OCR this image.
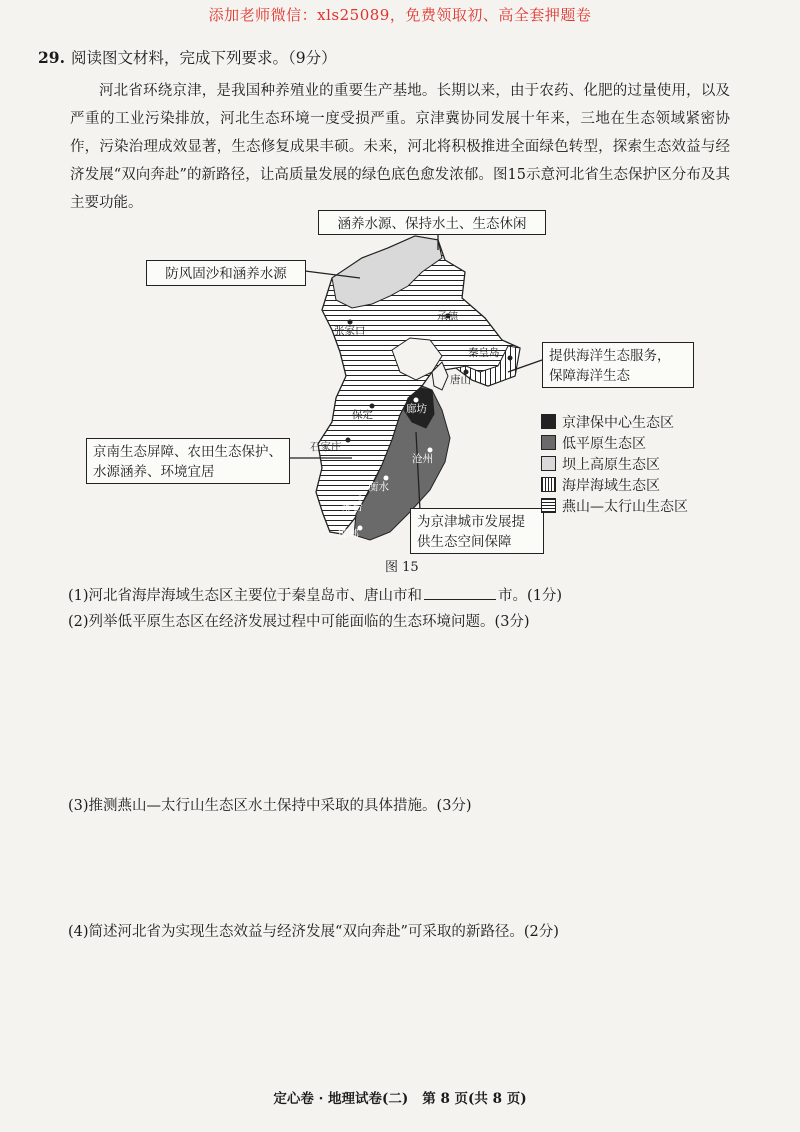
添加老师微信：xls25089，免费领取初、高全套押题卷
29. 阅读图文材料，完成下列要求。（9分）
河北省环绕京津，是我国种养殖业的重要生产基地。长期以来，由于农药、化肥的过量使用，以及严重的工业污染排放，河北生态环境一度受损严重。京津冀协同发展十年来，三地在生态领域紧密协作，污染治理成效显著，生态修复成果丰硕。未来，河北将积极推进全面绿色转型，探索生态效益与经济发展“双向奔赴”的新路径，让高质量发展的绿色底色愈发浓郁。图15示意河北省生态保护区分布及其主要功能。
张家口
承德
秦皇岛
唐山
廊坊
保定
石家庄
沧州
衡水
邢台
邯郸
涵养水源、保持水土、生态休闲
防风固沙和涵养水源
提供海洋生态服务，
保障海洋生态
京南生态屏障、农田生态保护、水源涵养、环境宜居
为京津城市发展提
供生态空间保障
京津保中心生态区
低平原生态区
坝上高原生态区
海岸海域生态区
燕山—太行山生态区
图 15
(1)河北省海岸海域生态区主要位于秦皇岛市、唐山市和	市。(1分)
(2)列举低平原生态区在经济发展过程中可能面临的生态环境问题。(3分)
(3)推测燕山—太行山生态区水土保持中采取的具体措施。(3分)
(4)简述河北省为实现生态效益与经济发展“双向奔赴”可采取的新路径。(2分)
定心卷 · 地理试卷(二) 第 8 页(共 8 页)
